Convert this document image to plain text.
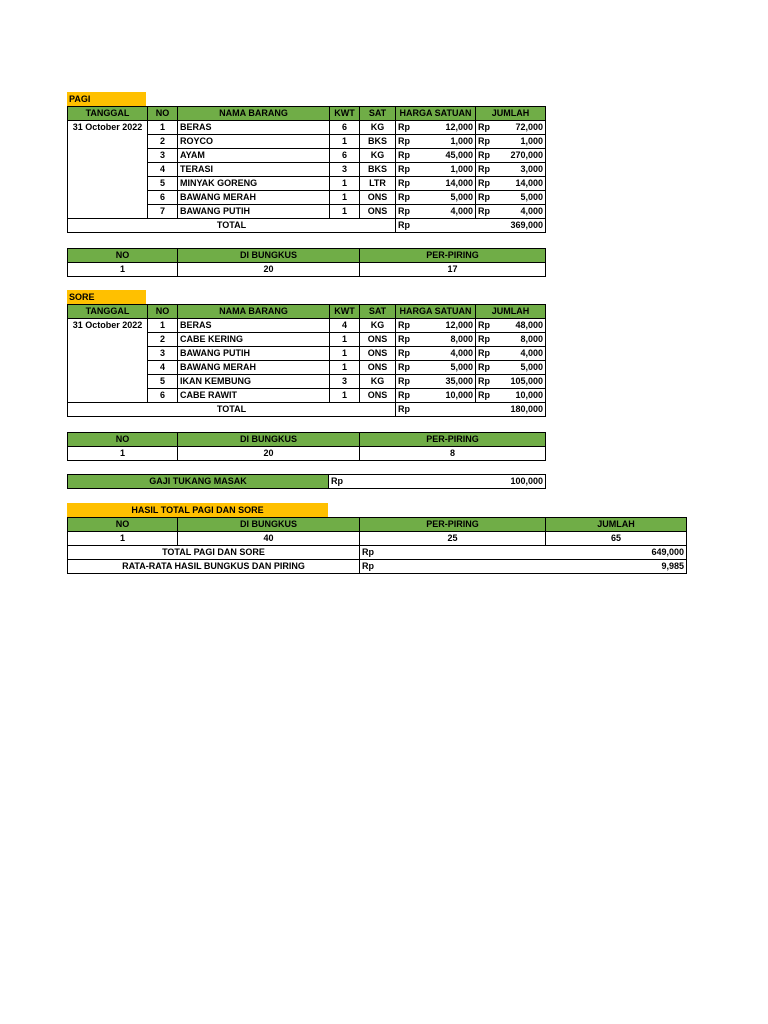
PAGI
TANGGAL	NO	NAMA BARANG	KWT	SAT	HARGA SATUAN	JUMLAH
31 October 2022	1	BERAS	6	KG	Rp 12,000	Rp 72,000

	2	ROYCO	1	BKS	Rp 1,000	Rp 1,000

	3	AYAM	6	KG	Rp 45,000	Rp 270,000

	4	TERASI	3	BKS	Rp 1,000	Rp 3,000

	5	MINYAK GORENG	1	LTR	Rp 14,000	Rp 14,000

	6	BAWANG MERAH	1	ONS	Rp 5,000	Rp 5,000

	7	BAWANG PUTIH	1	ONS	Rp 4,000	Rp 4,000

TOTAL					Rp	369,000
NO	DI BUNGKUS	PER-PIRING
1	20	17
SORE
TANGGAL	NO	NAMA BARANG	KWT	SAT	HARGA SATUAN	JUMLAH
31 October 2022	1	BERAS	4	KG	Rp 12,000	Rp 48,000

	2	CABE KERING	1	ONS	Rp 8,000	Rp 8,000

	3	BAWANG PUTIH	1	ONS	Rp 4,000	Rp 4,000

	4	BAWANG MERAH	1	ONS	Rp 5,000	Rp 5,000

	5	IKAN KEMBUNG	3	KG	Rp 35,000	Rp 105,000

	6	CABE RAWIT	1	ONS	Rp 10,000	Rp 10,000

TOTAL					Rp	180,000
NO	DI BUNGKUS	PER-PIRING
1	20	8
GAJI TUKANG MASAK	Rp	100,000
HASIL TOTAL PAGI DAN SORE
NO	DI BUNGKUS	PER-PIRING	JUMLAH
1	40	25	65
TOTAL PAGI DAN SORE		Rp 649,000	

RATA-RATA HASIL BUNGKUS DAN PIRING		Rp 9,985	
